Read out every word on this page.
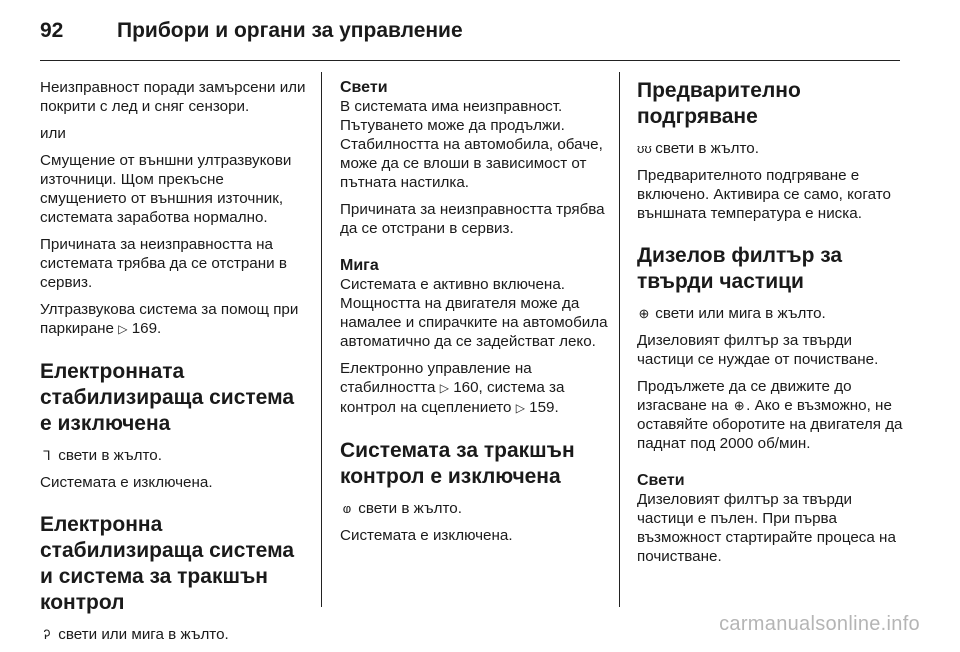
92	Прибори и органи за управление

Неизправност поради замърсени или покрити с лед и сняг сензори.

или

Смущение от външни ултразвукови източници. Щом прекъсне смущението от външния източник, системата заработва нормално.

Причината за неизправността на системата трябва да се отстрани в сервиз.

Ултразвукова система за помощ при паркиране ▷ 169.

Електронната стабилизираща система е изключена

⅂ свети в жълто.

Системата е изключена.

Електронна стабилизираща система и система за тракшън контрол

Ꭾ свети или мига в жълто.

Свети

В системата има неизправност. Пътуването може да продължи. Стабилността на автомобила, обаче, може да се влоши в зависимост от пътната настилка.

Причината за неизправността трябва да се отстрани в сервиз.

Мига

Системата е активно включена. Мощността на двигателя може да намалее и спирачките на автомобила автоматично да се задействат леко.

Електронно управление на стабилността ▷ 160, система за контрол на сцеплението ▷ 159.

Системата за тракшън контрол е изключена

ⱷ свети в жълто.

Системата е изключена.

Предварително подгряване

ʊʊ свети в жълто.

Предварителното подгряване е включено. Активира се само, когато външната температура е ниска.

Дизелов филтър за твърди частици

⊕ свети или мига в жълто.

Дизеловият филтър за твърди частици се нуждае от почистване.

Продължете да се движите до изгасване на ⊕ . Ако е възможно, не оставяйте оборотите на двигателя да паднат под 2000 об/мин.

Свети

Дизеловият филтър за твърди частици е пълен. При първа възможност стартирайте процеса на почистване.

carmanualsonline.info
